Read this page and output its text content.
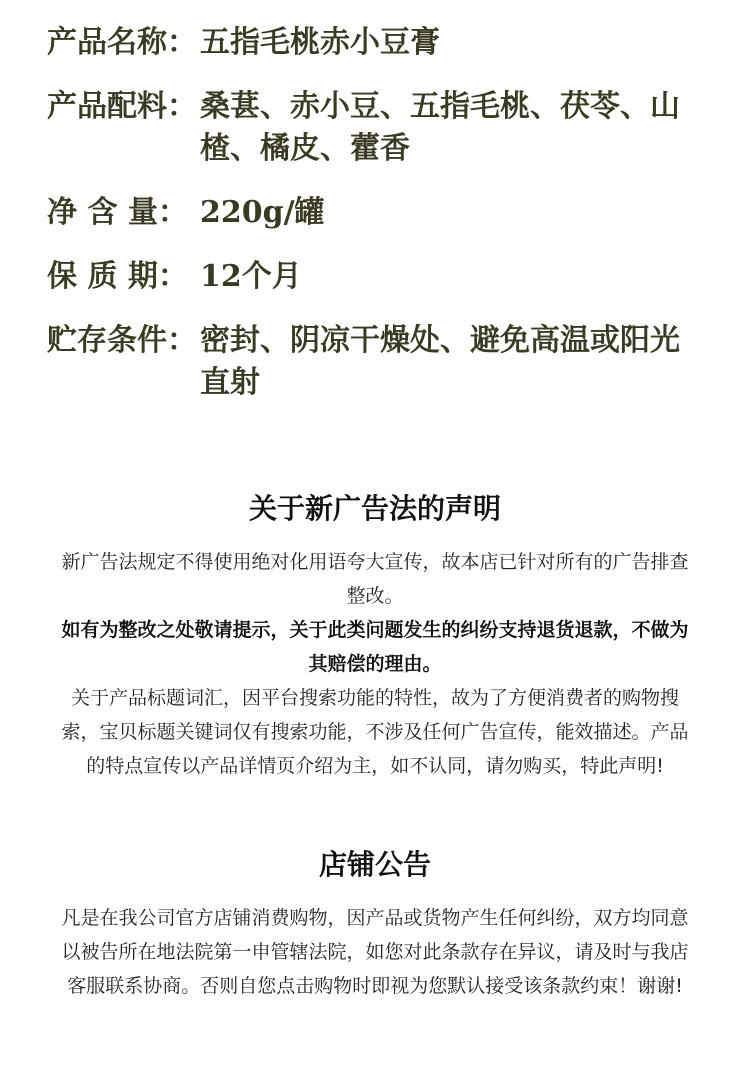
产品名称： 五指毛桃赤小豆膏
产品配料： 桑葚、赤小豆、五指毛桃、茯苓、山楂、橘皮、藿香
净 含 量： 220g/罐
保 质 期： 12个月
贮存条件： 密封、阴凉干燥处、避免高温或阳光直射
关于新广告法的声明

新广告法规定不得使用绝对化用语夸大宣传，故本店已针对所有的广告排查整改。

如有为整改之处敬请提示，关于此类问题发生的纠纷支持退货退款，不做为其赔偿的理由。

关于产品标题词汇，因平台搜索功能的特性，故为了方便消费者的购物搜索，宝贝标题关键词仅有搜索功能，不涉及任何广告宣传，能效描述。产品的特点宣传以产品详情页介绍为主，如不认同，请勿购买，特此声明!

店铺公告

凡是在我公司官方店铺消费购物，因产品或货物产生任何纠纷，双方均同意以被告所在地法院第一申管辖法院，如您对此条款存在异议，请及时与我店客服联系协商。否则自您点击购物时即视为您默认接受该条款约束！谢谢!
